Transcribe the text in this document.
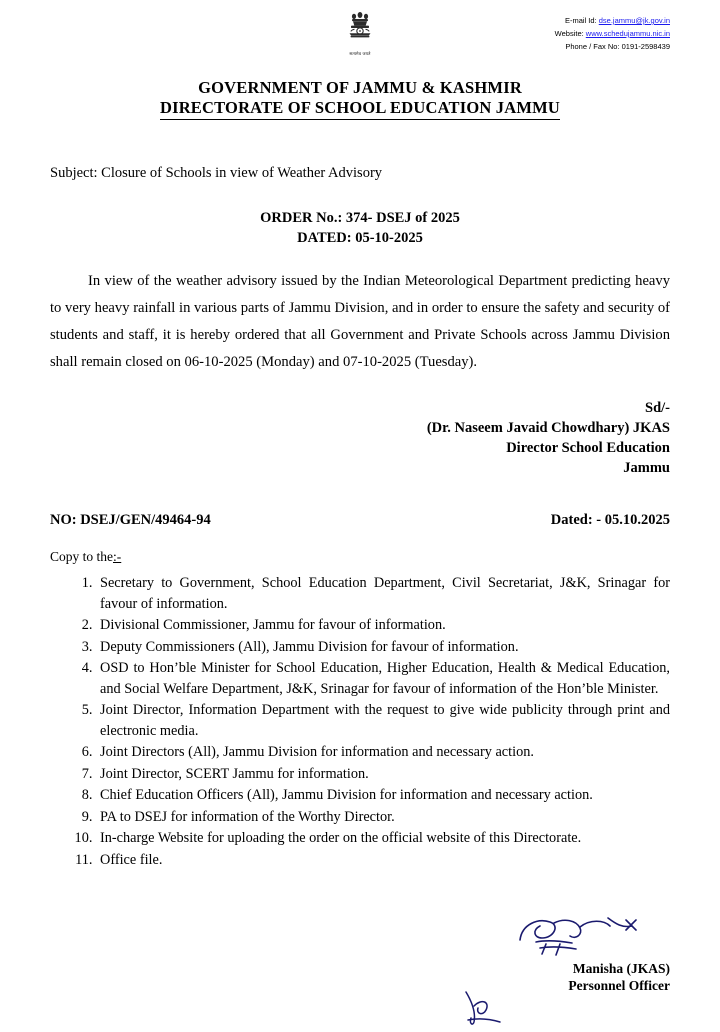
सत्यमेव जयते
E-mail Id: dse.jammu@jk.gov.in
Website: www.schedujammu.nic.in
Phone / Fax No: 0191-2598439
GOVERNMENT OF JAMMU & KASHMIR
DIRECTORATE OF SCHOOL EDUCATION JAMMU
Subject: Closure of Schools in view of Weather Advisory
ORDER No.: 374- DSEJ of 2025
DATED: 05-10-2025
In view of the weather advisory issued by the Indian Meteorological Department predicting heavy to very heavy rainfall in various parts of Jammu Division, and in order to ensure the safety and security of students and staff, it is hereby ordered that all Government and Private Schools across Jammu Division shall remain closed on 06-10-2025 (Monday) and 07-10-2025 (Tuesday).
Sd/-
(Dr. Naseem Javaid Chowdhary) JKAS
Director School Education
Jammu
NO: DSEJ/GEN/49464-94	Dated: - 05.10.2025
Copy to the:-
1. Secretary to Government, School Education Department, Civil Secretariat, J&K, Srinagar for favour of information.
2. Divisional Commissioner, Jammu for favour of information.
3. Deputy Commissioners (All), Jammu Division for favour of information.
4. OSD to Hon’ble Minister for School Education, Higher Education, Health & Medical Education, and Social Welfare Department, J&K, Srinagar for favour of information of the Hon’ble Minister.
5. Joint Director, Information Department with the request to give wide publicity through print and electronic media.
6. Joint Directors (All), Jammu Division for information and necessary action.
7. Joint Director, SCERT Jammu for information.
8. Chief Education Officers (All), Jammu Division for information and necessary action.
9. PA to DSEJ for information of the Worthy Director.
10. In-charge Website for uploading the order on the official website of this Directorate.
11. Office file.
Manisha (JKAS)
Personnel Officer
